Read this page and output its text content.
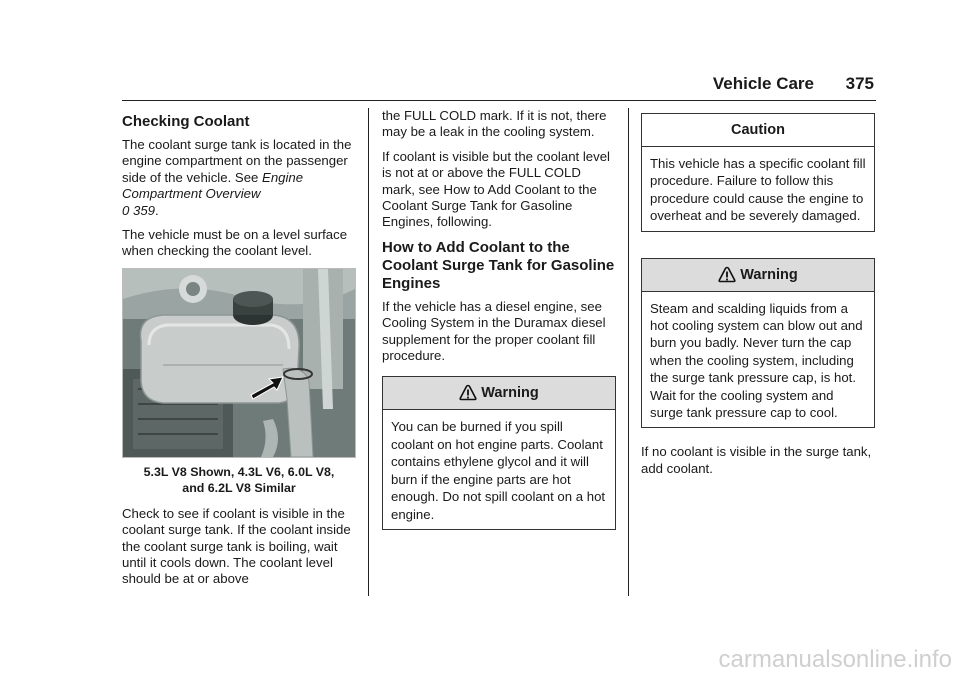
Vehicle Care 375
Checking Coolant

The coolant surge tank is located in the engine compartment on the passenger side of the vehicle. See Engine Compartment Overview
0 359.

The vehicle must be on a level surface when checking the coolant level.

5.3L V8 Shown, 4.3L V6, 6.0L V8,
and 6.2L V8 Similar

Check to see if coolant is visible in the coolant surge tank. If the coolant inside the coolant surge tank is boiling, wait until it cools down. The coolant level should be at or above

the FULL COLD mark. If it is not, there may be a leak in the cooling system.

If coolant is visible but the coolant level is not at or above the FULL COLD mark, see How to Add Coolant to the Coolant Surge Tank for Gasoline Engines, following.

How to Add Coolant to the Coolant Surge Tank for Gasoline Engines

If the vehicle has a diesel engine, see Cooling System in the Duramax diesel supplement for the proper coolant fill procedure.

Warning

You can be burned if you spill coolant on hot engine parts. Coolant contains ethylene glycol and it will burn if the engine parts are hot enough. Do not spill coolant on a hot engine.

Caution

This vehicle has a specific coolant fill procedure. Failure to follow this procedure could cause the engine to overheat and be severely damaged.

Warning

Steam and scalding liquids from a hot cooling system can blow out and burn you badly. Never turn the cap when the cooling system, including the surge tank pressure cap, is hot. Wait for the cooling system and surge tank pressure cap to cool.

If no coolant is visible in the surge tank, add coolant.

carmanualsonline.info
